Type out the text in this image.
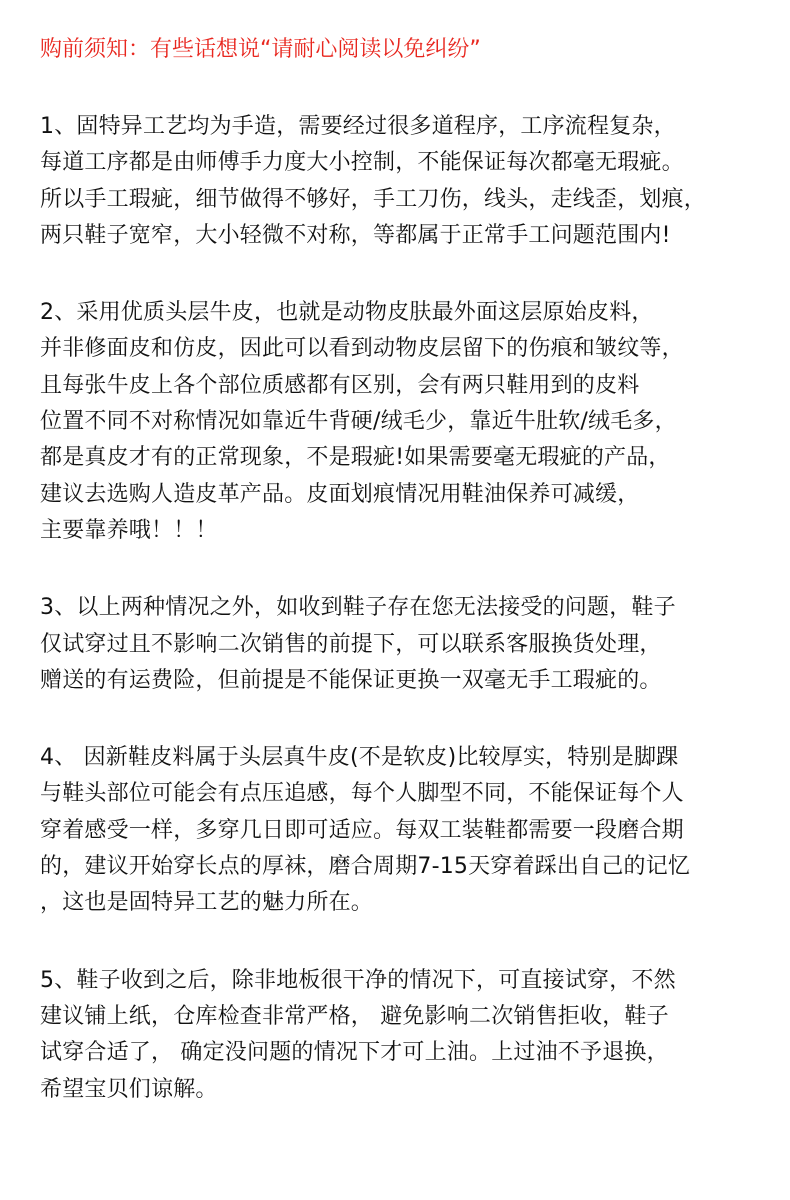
购前须知：有些话想说“请耐心阅读以免纠纷”
1、固特异工艺均为手造，需要经过很多道程序，工序流程复杂，
每道工序都是由师傅手力度大小控制，不能保证每次都毫无瑕疵。
所以手工瑕疵，细节做得不够好，手工刀伤，线头，走线歪，划痕，
两只鞋子宽窄，大小轻微不对称，等都属于正常手工问题范围内!
2、采用优质头层牛皮，也就是动物皮肤最外面这层原始皮料，
并非修面皮和仿皮，因此可以看到动物皮层留下的伤痕和皱纹等，
且每张牛皮上各个部位质感都有区别，会有两只鞋用到的皮料
位置不同不对称情况如靠近牛背硬/绒毛少，靠近牛肚软/绒毛多，
都是真皮才有的正常现象，不是瑕疵!如果需要毫无瑕疵的产品，
建议去选购人造皮革产品。皮面划痕情况用鞋油保养可减缓，
主要靠养哦！！！
3、以上两种情况之外，如收到鞋子存在您无法接受的问题，鞋子
仅试穿过且不影响二次销售的前提下，可以联系客服换货处理，
赠送的有运费险，但前提是不能保证更换一双毫无手工瑕疵的。
4、 因新鞋皮料属于头层真牛皮(不是软皮)比较厚实，特别是脚踝
与鞋头部位可能会有点压追感，每个人脚型不同，不能保证每个人
穿着感受一样，多穿几日即可适应。每双工装鞋都需要一段磨合期
的，建议开始穿长点的厚袜，磨合周期7-15天穿着踩出自己的记忆
，这也是固特异工艺的魅力所在。
5、鞋子收到之后，除非地板很干净的情况下，可直接试穿，不然
建议铺上纸，仓库检查非常严格， 避免影响二次销售拒收，鞋子
试穿合适了， 确定没问题的情况下才可上油。上过油不予退换，
希望宝贝们谅解。
